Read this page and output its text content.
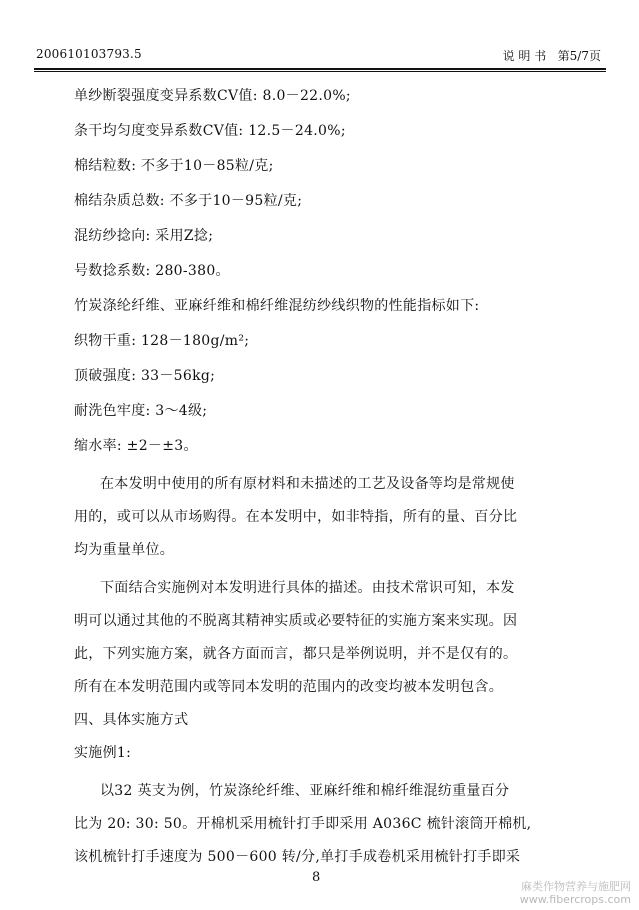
200610103793.5	说 明 书 第5/7页
单纱断裂强度变异系数CV值: 8.0－22.0%;
条干均匀度变异系数CV值: 12.5－24.0%;
棉结粒数: 不多于10－85粒/克;
棉结杂质总数: 不多于10－95粒/克;
混纺纱捻向: 采用Z捻;
号数捻系数: 280-380。
竹炭涤纶纤维、亚麻纤维和棉纤维混纺纱线织物的性能指标如下:
织物干重: 128－180g/m²;
顶破强度: 33－56kg;
耐洗色牢度: 3～4级;
缩水率: ±2－±3。
在本发明中使用的所有原材料和未描述的工艺及设备等均是常规使
用的，或可以从市场购得。在本发明中，如非特指，所有的量、百分比
均为重量单位。
下面结合实施例对本发明进行具体的描述。由技术常识可知，本发
明可以通过其他的不脱离其精神实质或必要特征的实施方案来实现。因
此，下列实施方案，就各方面而言，都只是举例说明，并不是仅有的。
所有在本发明范围内或等同本发明的范围内的改变均被本发明包含。
四、具体实施方式
实施例1:
以32 英支为例，竹炭涤纶纤维、亚麻纤维和棉纤维混纺重量百分
比为 20: 30: 50。开棉机采用梳针打手即采用 A036C 梳针滚筒开棉机,
该机梳针打手速度为 500－600 转/分,单打手成卷机采用梳针打手即采
8
麻类作物营养与施肥网
www.fibercrops.com
